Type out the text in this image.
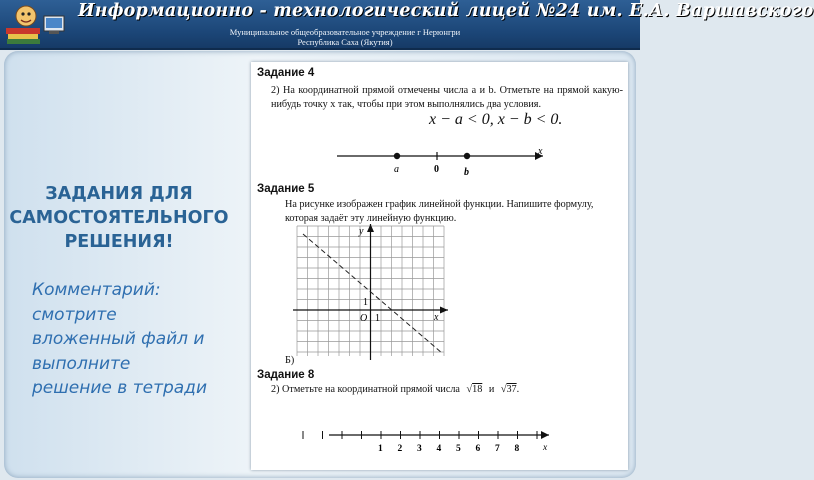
Информационно - технологический лицей №24 им. Е.А. Варшавского
Муниципальное общеобразовательное учреждение г Нерюнгри
Республика Саха (Якутия)
ЗАДАНИЯ ДЛЯ САМОСТОЯТЕЛЬНОГО РЕШЕНИЯ!
Комментарий: смотрите вложенный файл и выполните решение в тетради
Задание 4
2) На координатной прямой отмечены числа a и b. Отметьте на прямой какую-нибудь точку x так, чтобы при этом выполнялись два условия.
x − a < 0, x − b < 0.
a	0	b
x
Задание 5
На рисунке изображен график линейной функции. Напишите формулу, которая задаёт эту линейную функцию.
y
x
O 1
1
Б)
Задание 8
2) Отметьте на координатной прямой числа √18 и √37.
1 2 3 4 5 6 7 8	x
